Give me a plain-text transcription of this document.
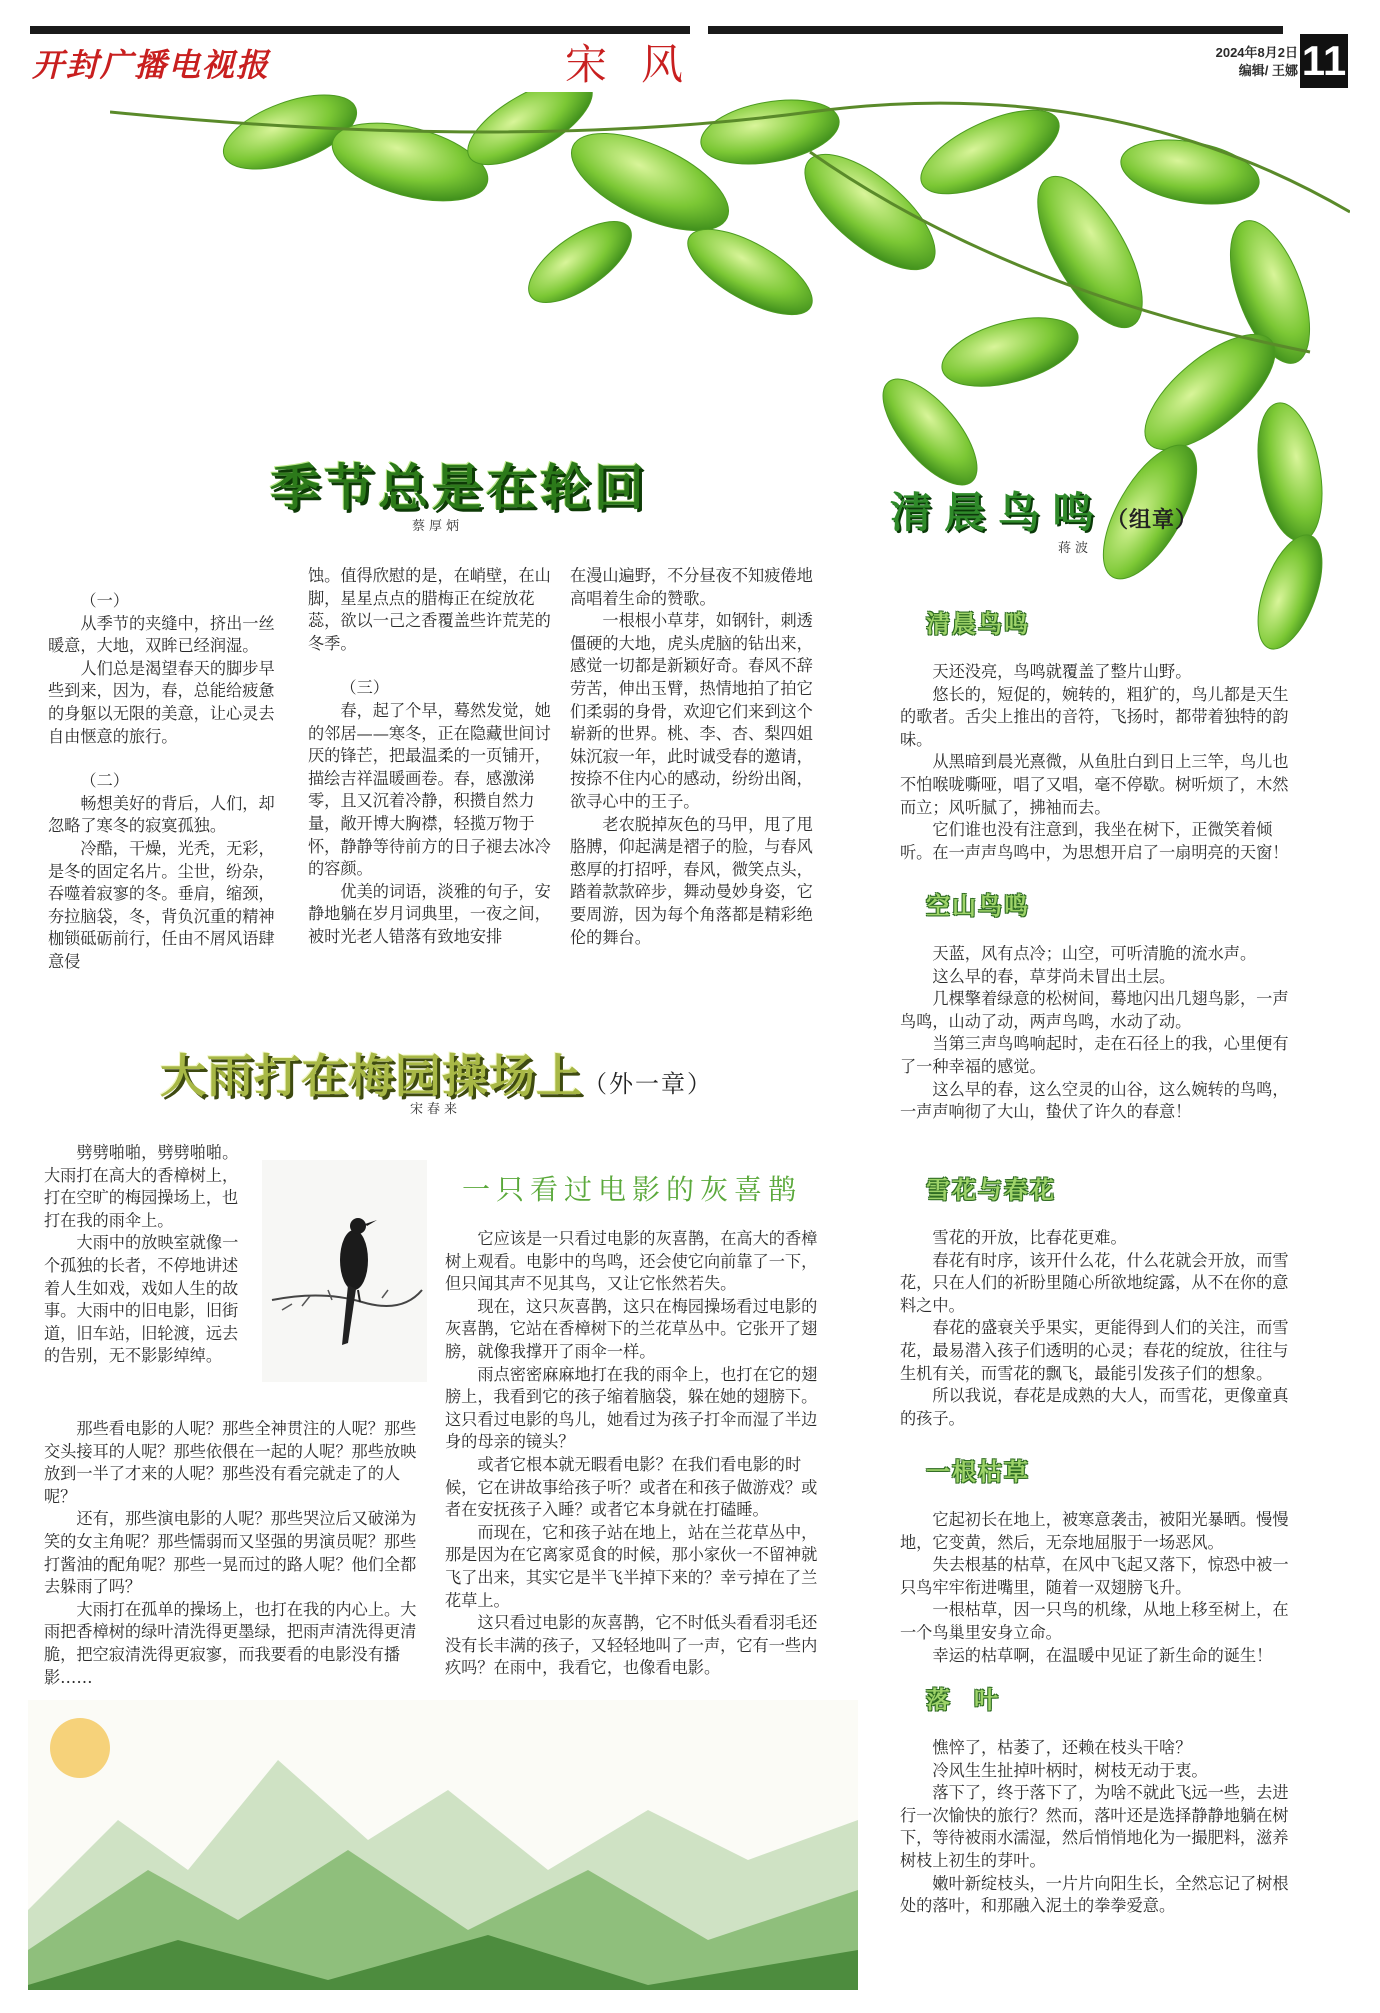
开封广播电视报	宋风	2024年8月2日
编辑/ 王娜 11
季节总是在轮回
蔡厚炳

（一）

从季节的夹缝中，挤出一丝暖意，大地，双眸已经润湿。

人们总是渴望春天的脚步早些到来，因为，春，总能给疲惫的身躯以无限的美意，让心灵去自由惬意的旅行。

（二）

畅想美好的背后，人们，却忽略了寒冬的寂寞孤独。

冷酷，干燥，光秃，无彩，是冬的固定名片。尘世，纷杂，吞噬着寂寥的冬。垂肩，缩颈，夯拉脑袋，冬，背负沉重的精神枷锁砥砺前行，任由不屑风语肆意侵

蚀。值得欣慰的是，在峭壁，在山脚，星星点点的腊梅正在绽放花蕊，欲以一己之香覆盖些许荒芜的冬季。

（三）

春，起了个早，蓦然发觉，她的邻居——寒冬，正在隐藏世间讨厌的锋芒，把最温柔的一页铺开，描绘吉祥温暖画卷。春，感激涕零，且又沉着冷静，积攒自然力量，敞开博大胸襟，轻揽万物于怀，静静等待前方的日子褪去冰冷的容颜。

优美的词语，淡雅的句子，安静地躺在岁月词典里，一夜之间，被时光老人错落有致地安排

在漫山遍野，不分昼夜不知疲倦地高唱着生命的赞歌。

一根根小草芽，如钢针，刺透僵硬的大地，虎头虎脑的钻出来，感觉一切都是新颖好奇。春风不辞劳苦，伸出玉臂，热情地拍了拍它们柔弱的身骨，欢迎它们来到这个崭新的世界。桃、李、杏、梨四姐妹沉寂一年，此时诚受春的邀请，按捺不住内心的感动，纷纷出阁，欲寻心中的王子。

老农脱掉灰色的马甲，甩了甩胳膊，仰起满是褶子的脸，与春风憨厚的打招呼，春风，微笑点头，踏着款款碎步，舞动曼妙身姿，它要周游，因为每个角落都是精彩绝伦的舞台。

大雨打在梅园操场上（外一章）
宋春来

劈劈啪啪，劈劈啪啪。大雨打在高大的香樟树上，打在空旷的梅园操场上，也打在我的雨伞上。

大雨中的放映室就像一个孤独的长者，不停地讲述着人生如戏，戏如人生的故事。大雨中的旧电影，旧街道，旧车站，旧轮渡，远去的告别，无不影影绰绰。

那些看电影的人呢？那些全神贯注的人呢？那些交头接耳的人呢？那些依偎在一起的人呢？那些放映放到一半了才来的人呢？那些没有看完就走了的人呢？

还有，那些演电影的人呢？那些哭泣后又破涕为笑的女主角呢？那些懦弱而又坚强的男演员呢？那些打酱油的配角呢？那些一晃而过的路人呢？他们全都去躲雨了吗？

大雨打在孤单的操场上，也打在我的内心上。大雨把香樟树的绿叶清洗得更墨绿，把雨声清洗得更清脆，把空寂清洗得更寂寥，而我要看的电影没有播影……

一只看过电影的灰喜鹊

它应该是一只看过电影的灰喜鹊，在高大的香樟树上观看。电影中的鸟鸣，还会使它向前靠了一下，但只闻其声不见其鸟，又让它怅然若失。

现在，这只灰喜鹊，这只在梅园操场看过电影的灰喜鹊，它站在香樟树下的兰花草丛中。它张开了翅膀，就像我撑开了雨伞一样。

雨点密密麻麻地打在我的雨伞上，也打在它的翅膀上，我看到它的孩子缩着脑袋，躲在她的翅膀下。这只看过电影的鸟儿，她看过为孩子打伞而湿了半边身的母亲的镜头？

或者它根本就无暇看电影？在我们看电影的时候，它在讲故事给孩子听？或者在和孩子做游戏？或者在安抚孩子入睡？或者它本身就在打磕睡。

而现在，它和孩子站在地上，站在兰花草丛中，那是因为在它离家觅食的时候，那小家伙一不留神就飞了出来，其实它是半飞半掉下来的？幸亏掉在了兰花草上。

这只看过电影的灰喜鹊，它不时低头看看羽毛还没有长丰满的孩子，又轻轻地叫了一声，它有一些内疚吗？在雨中，我看它，也像看电影。

清晨鸟鸣（组章）
蒋波
清晨鸟鸣

天还没亮，鸟鸣就覆盖了整片山野。

悠长的，短促的，婉转的，粗犷的，鸟儿都是天生的歌者。舌尖上推出的音符，飞扬时，都带着独特的韵味。

从黑暗到晨光熹微，从鱼肚白到日上三竿，鸟儿也不怕喉咙嘶哑，唱了又唱，毫不停歇。树听烦了，木然而立；风听腻了，拂袖而去。

它们谁也没有注意到，我坐在树下，正微笑着倾听。在一声声鸟鸣中，为思想开启了一扇明亮的天窗！

空山鸟鸣

天蓝，风有点冷；山空，可听清脆的流水声。

这么早的春，草芽尚未冒出土层。

几棵擎着绿意的松树间，蓦地闪出几翅鸟影，一声鸟鸣，山动了动，两声鸟鸣，水动了动。

当第三声鸟鸣响起时，走在石径上的我，心里便有了一种幸福的感觉。

这么早的春，这么空灵的山谷，这么婉转的鸟鸣，一声声响彻了大山，蛰伏了许久的春意！

雪花与春花

雪花的开放，比春花更难。

春花有时序，该开什么花，什么花就会开放，而雪花，只在人们的祈盼里随心所欲地绽露，从不在你的意料之中。

春花的盛衰关乎果实，更能得到人们的关注，而雪花，最易潜入孩子们透明的心灵；春花的绽放，往往与生机有关，而雪花的飘飞，最能引发孩子们的想象。

所以我说，春花是成熟的大人，而雪花，更像童真的孩子。

一根枯草

它起初长在地上，被寒意袭击，被阳光暴晒。慢慢地，它变黄，然后，无奈地屈服于一场恶风。

失去根基的枯草，在风中飞起又落下，惊恐中被一只鸟牢牢衔进嘴里，随着一双翅膀飞升。

一根枯草，因一只鸟的机缘，从地上移至树上，在一个鸟巢里安身立命。

幸运的枯草啊，在温暖中见证了新生命的诞生！

落叶

憔悴了，枯萎了，还赖在枝头干啥？

冷风生生扯掉叶柄时，树枝无动于衷。

落下了，终于落下了，为啥不就此飞远一些，去进行一次愉快的旅行？然而，落叶还是选择静静地躺在树下，等待被雨水濡湿，然后悄悄地化为一撮肥料，滋养树枝上初生的芽叶。

嫩叶新绽枝头，一片片向阳生长，全然忘记了树根处的落叶，和那融入泥土的拳拳爱意。
